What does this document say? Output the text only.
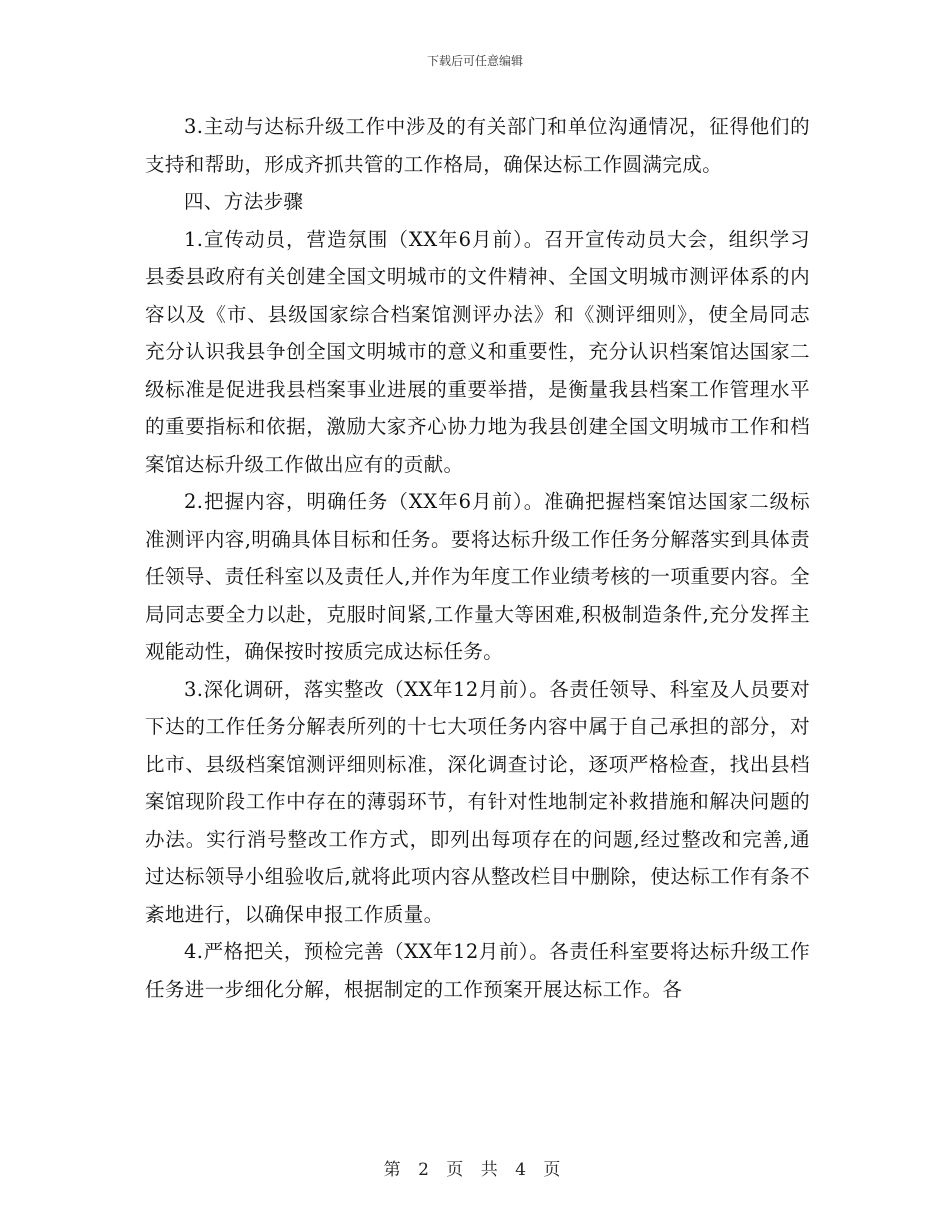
下载后可任意编辑

3.主动与达标升级工作中涉及的有关部门和单位沟通情况，征得他们的支持和帮助，形成齐抓共管的工作格局，确保达标工作圆满完成。

四、方法步骤

1.宣传动员，营造氛围（XX年6月前）。召开宣传动员大会，组织学习县委县政府有关创建全国文明城市的文件精神、全国文明城市测评体系的内容以及《市、县级国家综合档案馆测评办法》和《测评细则》，使全局同志充分认识我县争创全国文明城市的意义和重要性，充分认识档案馆达国家二级标准是促进我县档案事业进展的重要举措，是衡量我县档案工作管理水平的重要指标和依据，激励大家齐心协力地为我县创建全国文明城市工作和档案馆达标升级工作做出应有的贡献。

2.把握内容，明确任务（XX年6月前）。准确把握档案馆达国家二级标准测评内容,明确具体目标和任务。要将达标升级工作任务分解落实到具体责任领导、责任科室以及责任人,并作为年度工作业绩考核的一项重要内容。全局同志要全力以赴，克服时间紧,工作量大等困难,积极制造条件,充分发挥主观能动性，确保按时按质完成达标任务。

3.深化调研，落实整改（XX年12月前）。各责任领导、科室及人员要对下达的工作任务分解表所列的十七大项任务内容中属于自己承担的部分，对比市、县级档案馆测评细则标准，深化调查讨论，逐项严格检查，找出县档案馆现阶段工作中存在的薄弱环节，有针对性地制定补救措施和解决问题的办法。实行消号整改工作方式，即列出每项存在的问题,经过整改和完善,通过达标领导小组验收后,就将此项内容从整改栏目中删除，使达标工作有条不紊地进行，以确保申报工作质量。

4.严格把关，预检完善（XX年12月前）。各责任科室要将达标升级工作任务进一步细化分解，根据制定的工作预案开展达标工作。各

第 2 页 共 4 页
